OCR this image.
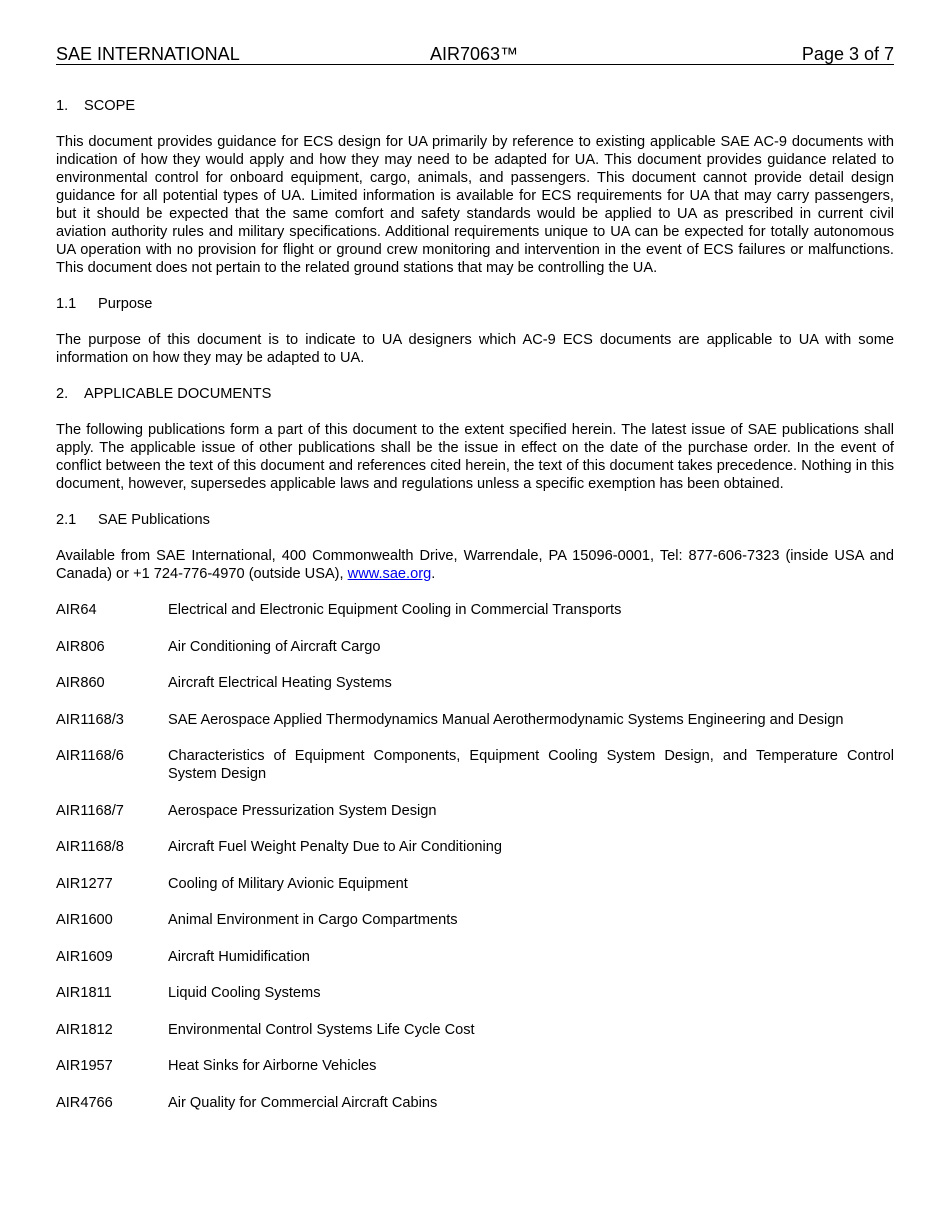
SAE INTERNATIONAL	AIR7063™	Page 3 of 7
1. SCOPE

This document provides guidance for ECS design for UA primarily by reference to existing applicable SAE AC-9 documents with indication of how they would apply and how they may need to be adapted for UA. This document provides guidance related to environmental control for onboard equipment, cargo, animals, and passengers. This document cannot provide detail design guidance for all potential types of UA. Limited information is available for ECS requirements for UA that may carry passengers, but it should be expected that the same comfort and safety standards would be applied to UA as prescribed in current civil aviation authority rules and military specifications. Additional requirements unique to UA can be expected for totally autonomous UA operation with no provision for flight or ground crew monitoring and intervention in the event of ECS failures or malfunctions. This document does not pertain to the related ground stations that may be controlling the UA.

1.1 Purpose

The purpose of this document is to indicate to UA designers which AC-9 ECS documents are applicable to UA with some information on how they may be adapted to UA.

2. APPLICABLE DOCUMENTS

The following publications form a part of this document to the extent specified herein. The latest issue of SAE publications shall apply. The applicable issue of other publications shall be the issue in effect on the date of the purchase order. In the event of conflict between the text of this document and references cited herein, the text of this document takes precedence. Nothing in this document, however, supersedes applicable laws and regulations unless a specific exemption has been obtained.

2.1 SAE Publications

Available from SAE International, 400 Commonwealth Drive, Warrendale, PA 15096-0001, Tel: 877-606-7323 (inside USA and Canada) or +1 724-776-4970 (outside USA), www.sae.org.

AIR64	Electrical and Electronic Equipment Cooling in Commercial Transports
AIR806	Air Conditioning of Aircraft Cargo
AIR860	Aircraft Electrical Heating Systems
AIR1168/3	SAE Aerospace Applied Thermodynamics Manual Aerothermodynamic Systems Engineering and Design
AIR1168/6	Characteristics of Equipment Components, Equipment Cooling System Design, and Temperature Control System Design
AIR1168/7	Aerospace Pressurization System Design
AIR1168/8	Aircraft Fuel Weight Penalty Due to Air Conditioning
AIR1277	Cooling of Military Avionic Equipment
AIR1600	Animal Environment in Cargo Compartments
AIR1609	Aircraft Humidification
AIR1811	Liquid Cooling Systems
AIR1812	Environmental Control Systems Life Cycle Cost
AIR1957	Heat Sinks for Airborne Vehicles
AIR4766	Air Quality for Commercial Aircraft Cabins
